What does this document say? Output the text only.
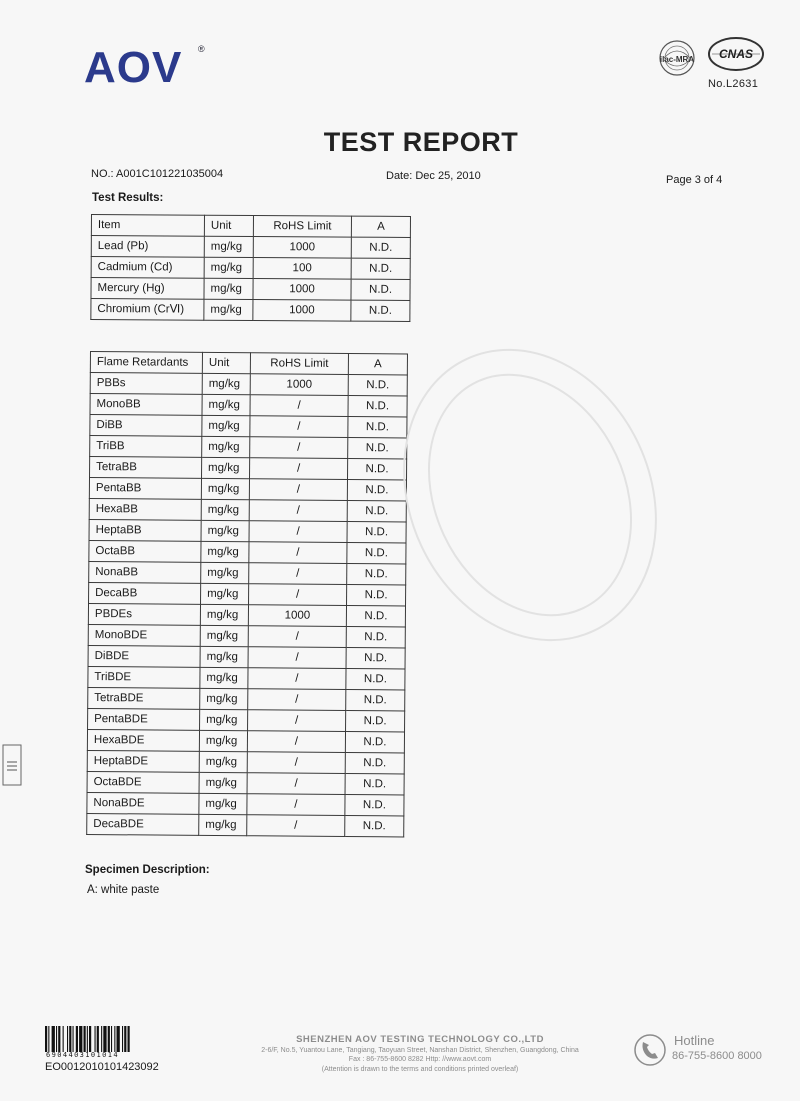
AOV ®
ilac-MRA CNAS
No.L2631
TEST REPORT
NO.: A001C101221035004	Date: Dec 25, 2010	Page 3 of 4
Test Results:
Item	Unit	RoHS Limit	A
Lead (Pb)	mg/kg	1000	N.D.
Cadmium (Cd)	mg/kg	100	N.D.
Mercury (Hg)	mg/kg	1000	N.D.
Chromium (CrⅥ)	mg/kg	1000	N.D.
Flame Retardants	Unit	RoHS Limit	A
PBBs	mg/kg	1000	N.D.
MonoBB	mg/kg	/	N.D.
DiBB	mg/kg	/	N.D.
TriBB	mg/kg	/	N.D.
TetraBB	mg/kg	/	N.D.
PentaBB	mg/kg	/	N.D.
HexaBB	mg/kg	/	N.D.
HeptaBB	mg/kg	/	N.D.
OctaBB	mg/kg	/	N.D.
NonaBB	mg/kg	/	N.D.
DecaBB	mg/kg	/	N.D.
PBDEs	mg/kg	1000	N.D.
MonoBDE	mg/kg	/	N.D.
DiBDE	mg/kg	/	N.D.
TriBDE	mg/kg	/	N.D.
TetraBDE	mg/kg	/	N.D.
PentaBDE	mg/kg	/	N.D.
HexaBDE	mg/kg	/	N.D.
HeptaBDE	mg/kg	/	N.D.
OctaBDE	mg/kg	/	N.D.
NonaBDE	mg/kg	/	N.D.
DecaBDE	mg/kg	/	N.D.
Specimen Description:
A: white paste
6904403101014
EO0012010101423092
SHENZHEN AOV TESTING TECHNOLOGY CO.,LTD
2-6/F, No.5, Yuantou Lane, Tangiang, Taoyuan Street, Nanshan District, Shenzhen, Guangdong, China
Fax : 86-755-8600 8282 Http: //www.aovt.com
(Attention is drawn to the terms and conditions printed overleaf)
Hotline
86-755-8600 8000
